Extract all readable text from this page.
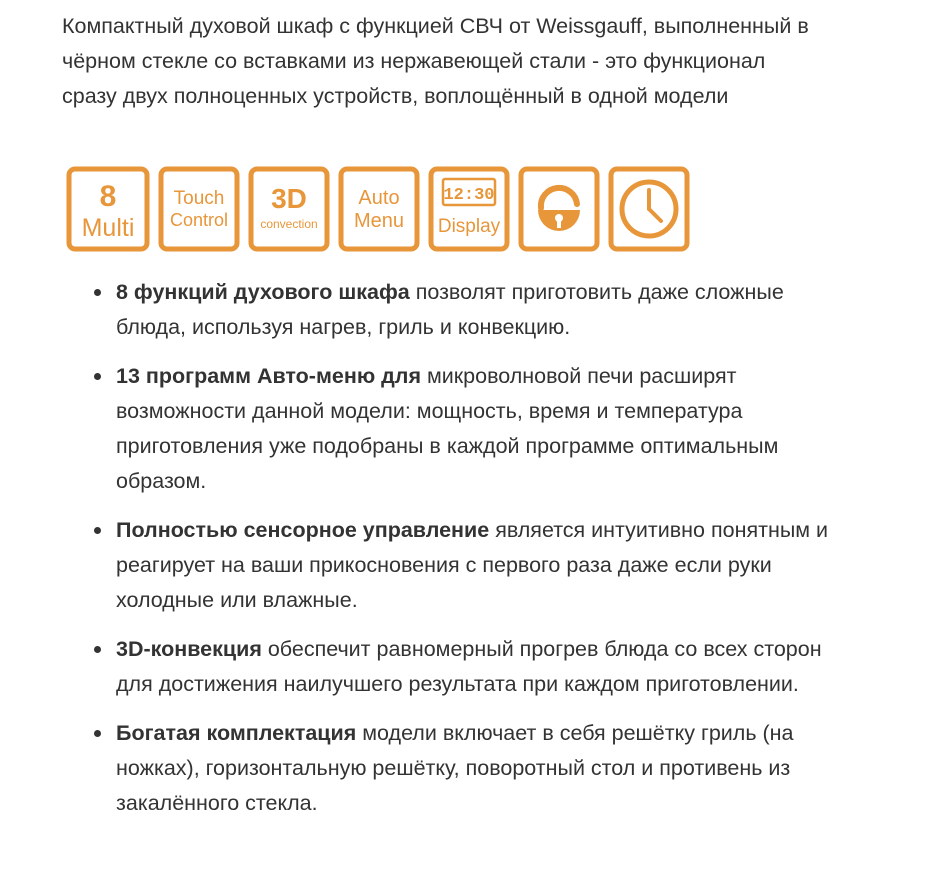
Компактный духовой шкаф с функцией СВЧ от Weissgauff, выполненный в чёрном стекле со вставками из нержавеющей стали - это функционал сразу двух полноценных устройств, воплощённый в одной модели

8
Multi
Touch
Control
3D
convection
Auto
Menu
12:30
Display
8 функций духового шкафа позволят приготовить даже сложные блюда, используя нагрев, гриль и конвекцию.
13 программ Авто-меню для микроволновой печи расширят возможности данной модели: мощность, время и температура приготовления уже подобраны в каждой программе оптимальным образом.
Полностью сенсорное управление является интуитивно понятным и реагирует на ваши прикосновения с первого раза даже если руки холодные или влажные.
3D-конвекция обеспечит равномерный прогрев блюда со всех сторон для достижения наилучшего результата при каждом приготовлении.
Богатая комплектация модели включает в себя решётку гриль (на ножках), горизонтальную решётку, поворотный стол и противень из закалённого стекла.
